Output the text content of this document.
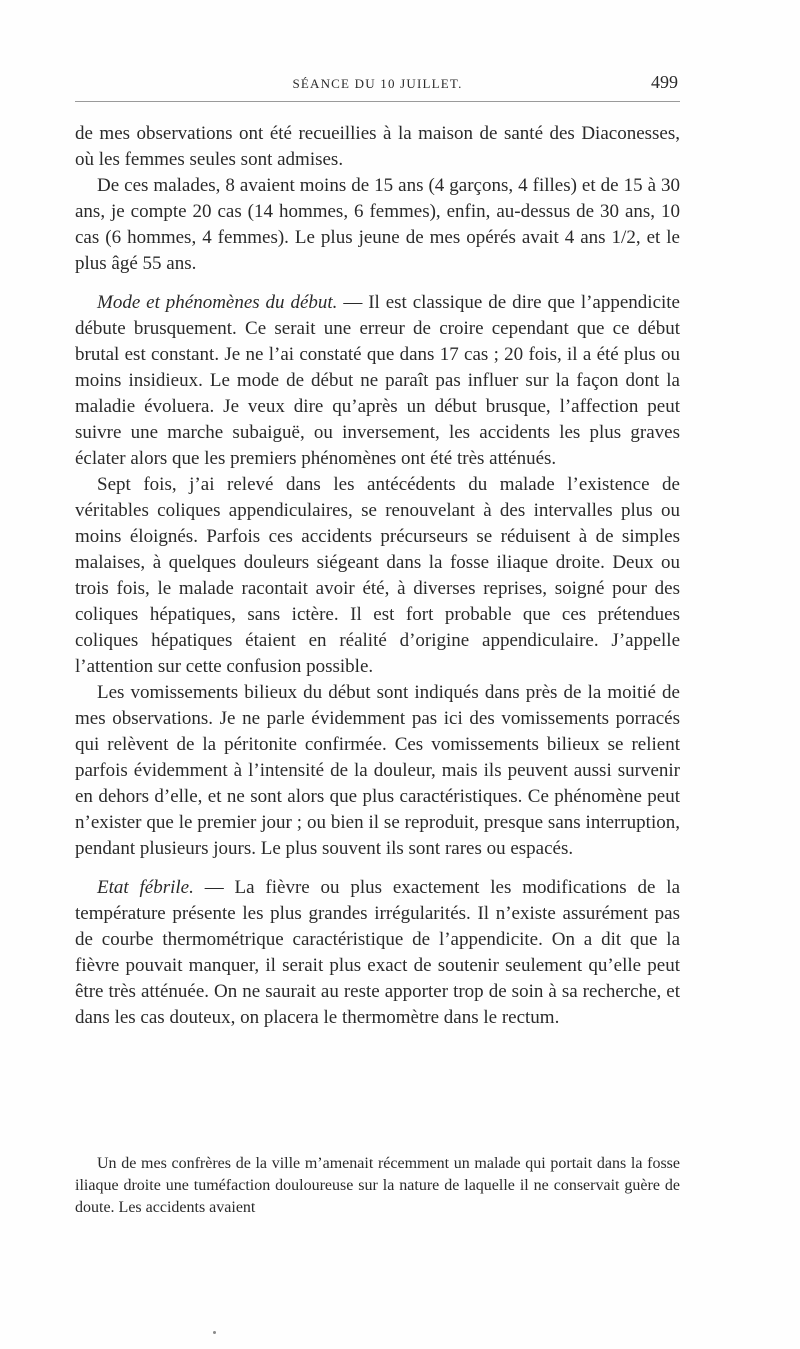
SÉANCE DU 10 JUILLET.	499

de mes observations ont été recueillies à la maison de santé des Diaconesses, où les femmes seules sont admises.

De ces malades, 8 avaient moins de 15 ans (4 garçons, 4 filles) et de 15 à 30 ans, je compte 20 cas (14 hommes, 6 femmes), enfin, au-dessus de 30 ans, 10 cas (6 hommes, 4 femmes). Le plus jeune de mes opérés avait 4 ans 1/2, et le plus âgé 55 ans.

Mode et phénomènes du début. — Il est classique de dire que l’appendicite débute brusquement. Ce serait une erreur de croire cependant que ce début brutal est constant. Je ne l’ai constaté que dans 17 cas ; 20 fois, il a été plus ou moins insidieux. Le mode de début ne paraît pas influer sur la façon dont la maladie évoluera. Je veux dire qu’après un début brusque, l’affection peut suivre une marche subaiguë, ou inversement, les accidents les plus graves éclater alors que les premiers phénomènes ont été très atténués.

Sept fois, j’ai relevé dans les antécédents du malade l’existence de véritables coliques appendiculaires, se renouvelant à des intervalles plus ou moins éloignés. Parfois ces accidents précurseurs se réduisent à de simples malaises, à quelques douleurs siégeant dans la fosse iliaque droite. Deux ou trois fois, le malade racontait avoir été, à diverses reprises, soigné pour des coliques hépatiques, sans ictère. Il est fort probable que ces prétendues coliques hépatiques étaient en réalité d’origine appendiculaire. J’appelle l’attention sur cette confusion possible.

Les vomissements bilieux du début sont indiqués dans près de la moitié de mes observations. Je ne parle évidemment pas ici des vomissements porracés qui relèvent de la péritonite confirmée. Ces vomissements bilieux se relient parfois évidemment à l’intensité de la douleur, mais ils peuvent aussi survenir en dehors d’elle, et ne sont alors que plus caractéristiques. Ce phénomène peut n’exister que le premier jour ; ou bien il se reproduit, presque sans interruption, pendant plusieurs jours. Le plus souvent ils sont rares ou espacés.

Etat fébrile. — La fièvre ou plus exactement les modifications de la température présente les plus grandes irrégularités. Il n’existe assurément pas de courbe thermométrique caractéristique de l’appendicite. On a dit que la fièvre pouvait manquer, il serait plus exact de soutenir seulement qu’elle peut être très atténuée. On ne saurait au reste apporter trop de soin à sa recherche, et dans les cas douteux, on placera le thermomètre dans le rectum.

Un de mes confrères de la ville m’amenait récemment un malade qui portait dans la fosse iliaque droite une tuméfaction douloureuse sur la nature de laquelle il ne conservait guère de doute. Les accidents avaient
